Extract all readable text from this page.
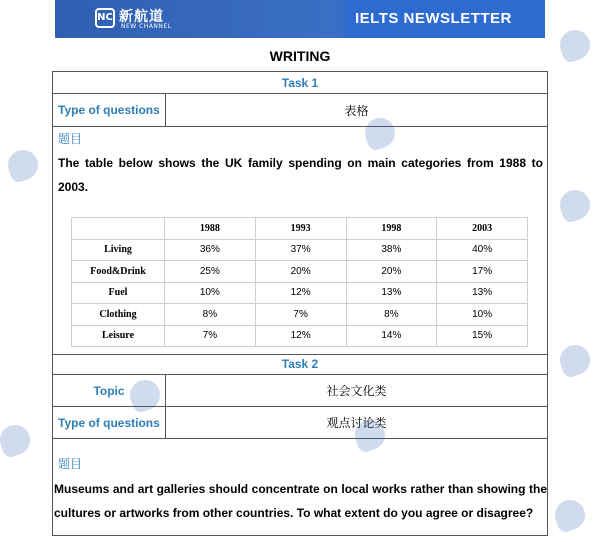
NC 新航道
NEW CHANNEL	IELTS NEWSLETTER
WRITING
Task 1
Type of questions	表格
题目
The table below shows the UK family spending on main categories from 1988 to 2003.
Task 2
Topic	社会文化类
Type of questions	观点讨论类
题目
Museums and art galleries should concentrate on local works rather than showing the cultures or artworks from other countries. To what extent do you agree or disagree?
	1988	1993	1998	2003
Living	36%	37%	38%	40%
Food&Drink	25%	20%	20%	17%
Fuel	10%	12%	13%	13%
Clothing	8%	7%	8%	10%
Leisure	7%	12%	14%	15%
